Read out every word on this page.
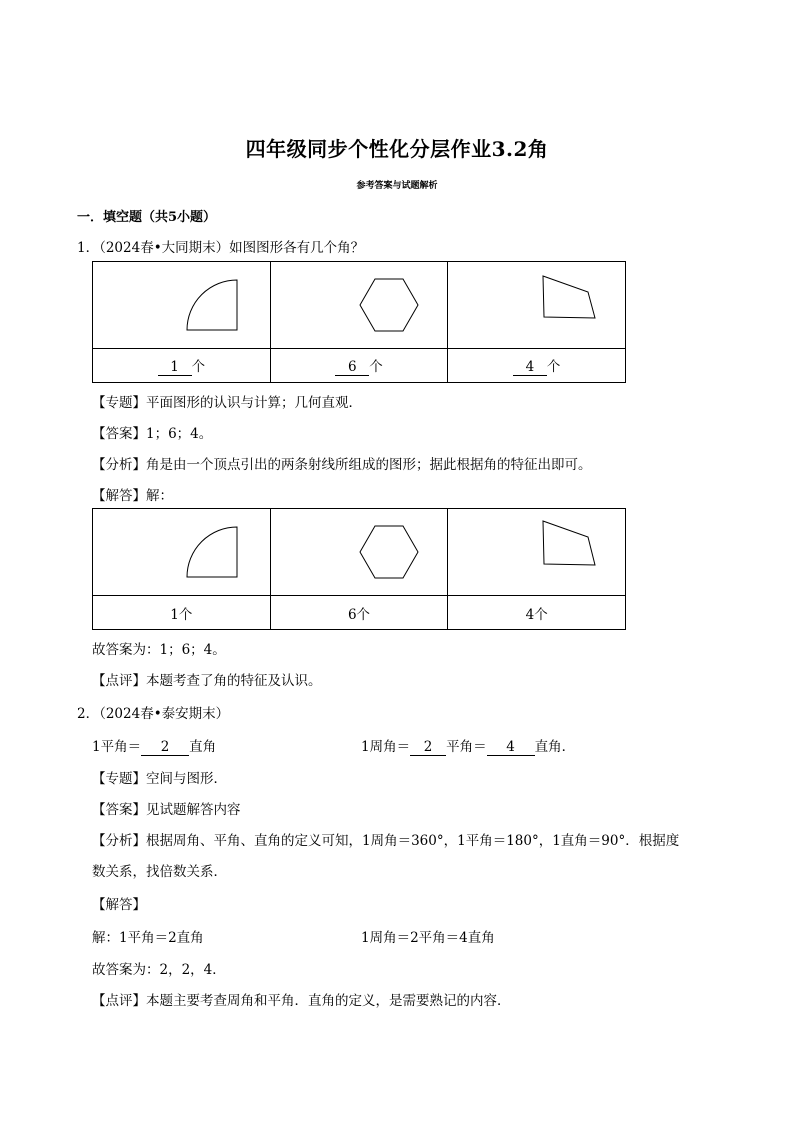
四年级同步个性化分层作业3.2角
参考答案与试题解析
一．填空题（共5小题）
1．（2024春•大同期末）如图图形各有几个角？

1 个	6 个	4 个
【专题】平面图形的认识与计算；几何直观．
【答案】1；6；4。
【分析】角是由一个顶点引出的两条射线所组成的图形；据此根据角的特征出即可。
【解答】解：

1个	6个	4个
故答案为：1；6；4。
【点评】本题考查了角的特征及认识。
2．（2024春•泰安期末）
1平角＝ 2 直角	1周角＝ 2 平角＝ 4 直角．
【专题】空间与图形．
【答案】见试题解答内容
【分析】根据周角、平角、直角的定义可知，1周角＝360°，1平角＝180°，1直角＝90°．根据度
数关系，找倍数关系．
【解答】
解：1平角＝2直角	1周角＝2平角＝4直角
故答案为：2，2，4．
【点评】本题主要考查周角和平角．直角的定义，是需要熟记的内容．
